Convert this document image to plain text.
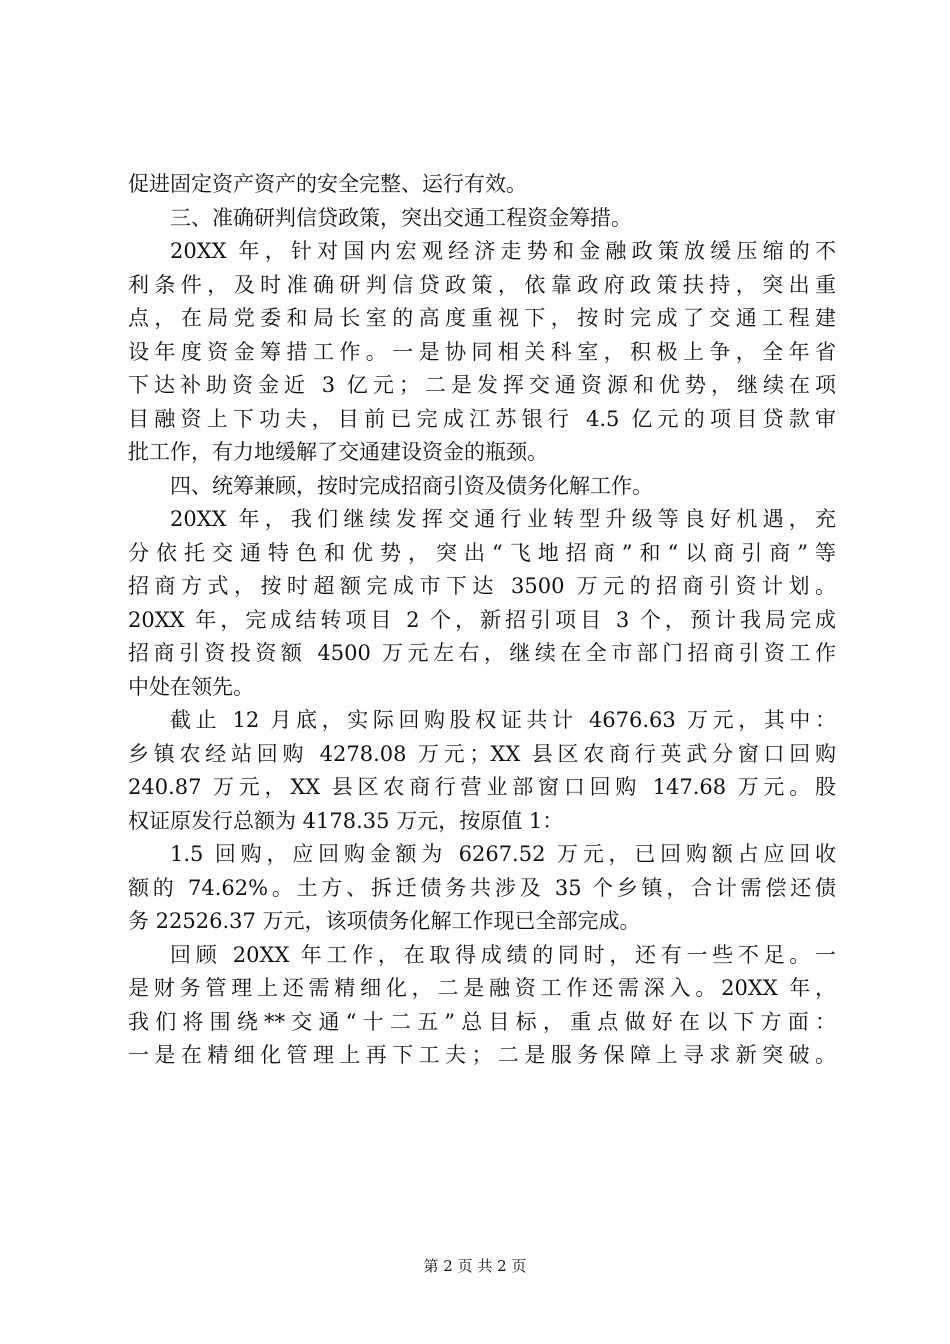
促进固定资产资产的安全完整、运行有效。
三、准确研判信贷政策，突出交通工程资金筹措。
20XX 年，针对国内宏观经济走势和金融政策放缓压缩的不
利条件，及时准确研判信贷政策，依靠政府政策扶持，突出重
点，在局党委和局长室的高度重视下，按时完成了交通工程建
设年度资金筹措工作。一是协同相关科室，积极上争，全年省
下达补助资金近 3 亿元；二是发挥交通资源和优势，继续在项
目融资上下功夫，目前已完成江苏银行 4.5 亿元的项目贷款审
批工作，有力地缓解了交通建设资金的瓶颈。
四、统筹兼顾，按时完成招商引资及债务化解工作。
20XX 年，我们继续发挥交通行业转型升级等良好机遇，充
分依托交通特色和优势，突出“飞地招商”和“以商引商”等
招商方式，按时超额完成市下达 3500 万元的招商引资计划。
20XX 年，完成结转项目 2 个，新招引项目 3 个，预计我局完成
招商引资投资额 4500 万元左右，继续在全市部门招商引资工作
中处在领先。
截止 12 月底，实际回购股权证共计 4676.63 万元，其中：
乡镇农经站回购 4278.08 万元；XX 县区农商行英武分窗口回购
240.87 万元，XX 县区农商行营业部窗口回购 147.68 万元。股
权证原发行总额为 4178.35 万元，按原值 1：
1.5 回购，应回购金额为 6267.52 万元，已回购额占应回收
额的 74.62%。土方、拆迁债务共涉及 35 个乡镇，合计需偿还债
务 22526.37 万元，该项债务化解工作现已全部完成。
回顾 20XX 年工作，在取得成绩的同时，还有一些不足。一
是财务管理上还需精细化，二是融资工作还需深入。20XX 年，
我们将围绕**交通“十二五”总目标，重点做好在以下方面：
一是在精细化管理上再下工夫；二是服务保障上寻求新突破。
第 2 页 共 2 页
